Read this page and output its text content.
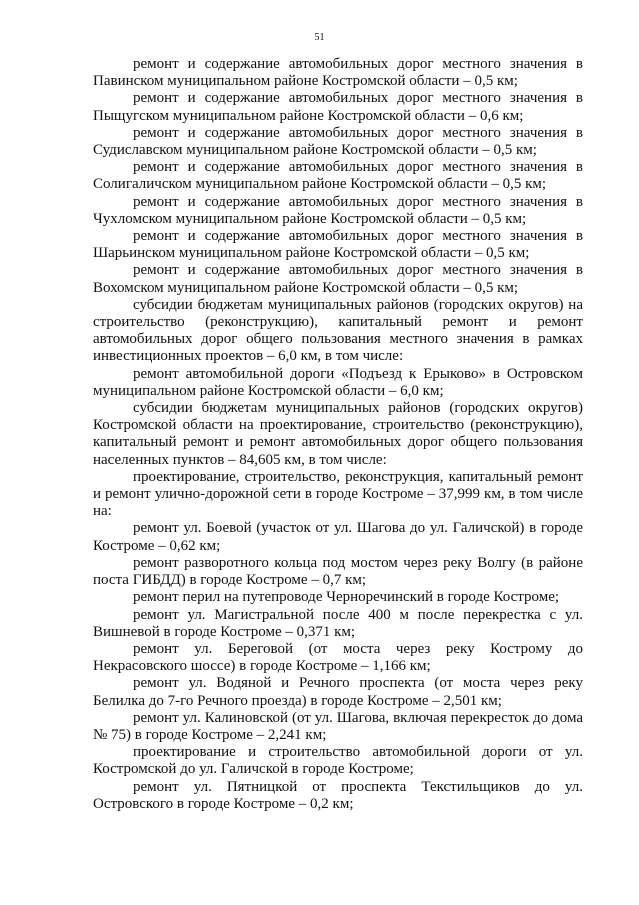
51

ремонт и содержание автомобильных дорог местного значения в Павинском муниципальном районе Костромской области – 0,5 км;

ремонт и содержание автомобильных дорог местного значения в Пыщугском муниципальном районе Костромской области – 0,6 км;

ремонт и содержание автомобильных дорог местного значения в Судиславском муниципальном районе Костромской области – 0,5 км;

ремонт и содержание автомобильных дорог местного значения в Солигаличском муниципальном районе Костромской области – 0,5 км;

ремонт и содержание автомобильных дорог местного значения в Чухломском муниципальном районе Костромской области – 0,5 км;

ремонт и содержание автомобильных дорог местного значения в Шарьинском муниципальном районе Костромской области – 0,5 км;

ремонт и содержание автомобильных дорог местного значения в Вохомском муниципальном районе Костромской области – 0,5 км;

субсидии бюджетам муниципальных районов (городских округов) на строительство (реконструкцию), капитальный ремонт и ремонт автомобильных дорог общего пользования местного значения в рамках инвестиционных проектов – 6,0 км, в том числе:

ремонт автомобильной дороги «Подъезд к Ерыково» в Островском муниципальном районе Костромской области – 6,0 км;

субсидии бюджетам муниципальных районов (городских округов) Костромской области на проектирование, строительство (реконструкцию), капитальный ремонт и ремонт автомобильных дорог общего пользования населенных пунктов – 84,605 км, в том числе:

проектирование, строительство, реконструкция, капитальный ремонт и ремонт улично-дорожной сети в городе Костроме – 37,999 км, в том числе на:

ремонт ул. Боевой (участок от ул. Шагова до ул. Галичской) в городе Костроме – 0,62 км;

ремонт разворотного кольца под мостом через реку Волгу (в районе поста ГИБДД) в городе Костроме – 0,7 км;

ремонт перил на путепроводе Черноречинский в городе Костроме;

ремонт ул. Магистральной после 400 м после перекрестка с ул. Вишневой в городе Костроме – 0,371 км;

ремонт ул. Береговой (от моста через реку Кострому до Некрасовского шоссе) в городе Костроме – 1,166 км;

ремонт ул. Водяной и Речного проспекта (от моста через реку Белилка до 7-го Речного проезда) в городе Костроме – 2,501 км;

ремонт ул. Калиновской (от ул. Шагова, включая перекресток до дома № 75) в городе Костроме – 2,241 км;

проектирование и строительство автомобильной дороги от ул. Костромской до ул. Галичской в городе Костроме;

ремонт ул. Пятницкой от проспекта Текстильщиков до ул. Островского в городе Костроме – 0,2 км;
